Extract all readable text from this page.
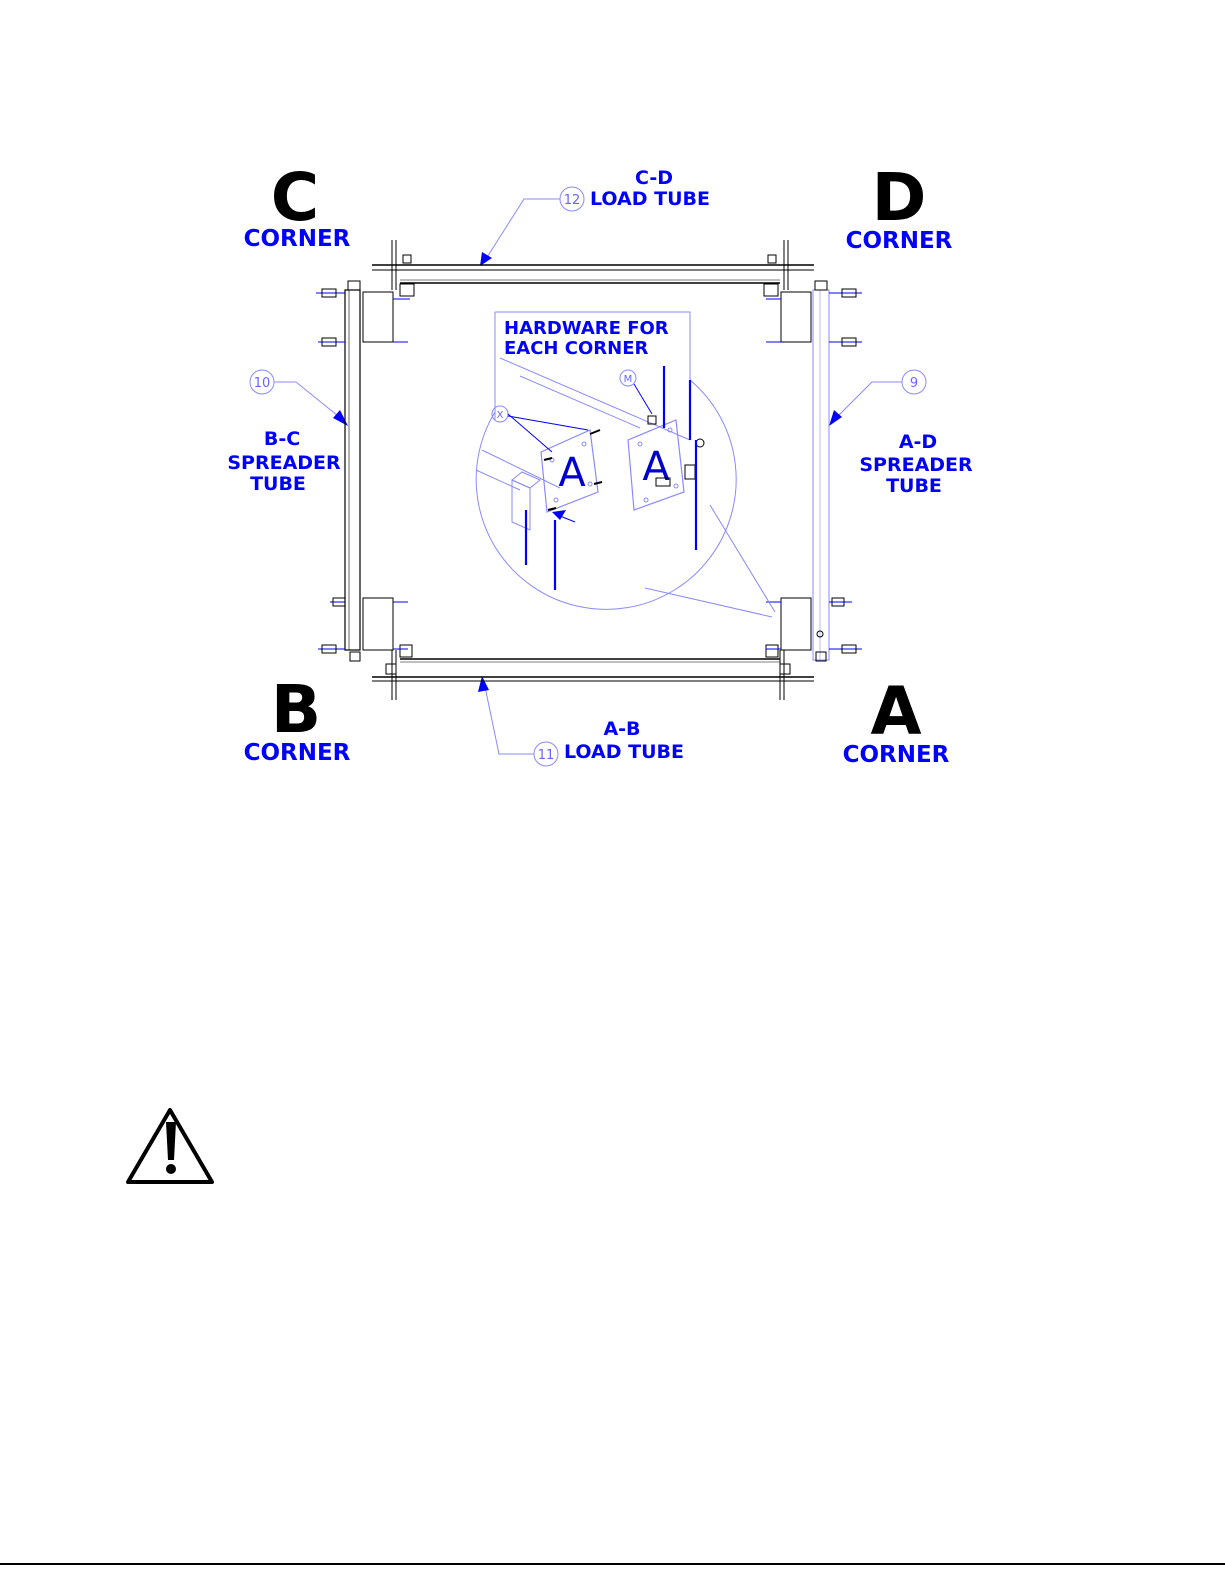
C
CORNER
D
CORNER
B
CORNER
A
CORNER
C-D
LOAD TUBE
12
A-B
LOAD TUBE
11
B-C
SPREADER
TUBE
10
A-D
SPREADER
TUBE
9
HARDWARE FOR
EACH CORNER
A A
X
M
